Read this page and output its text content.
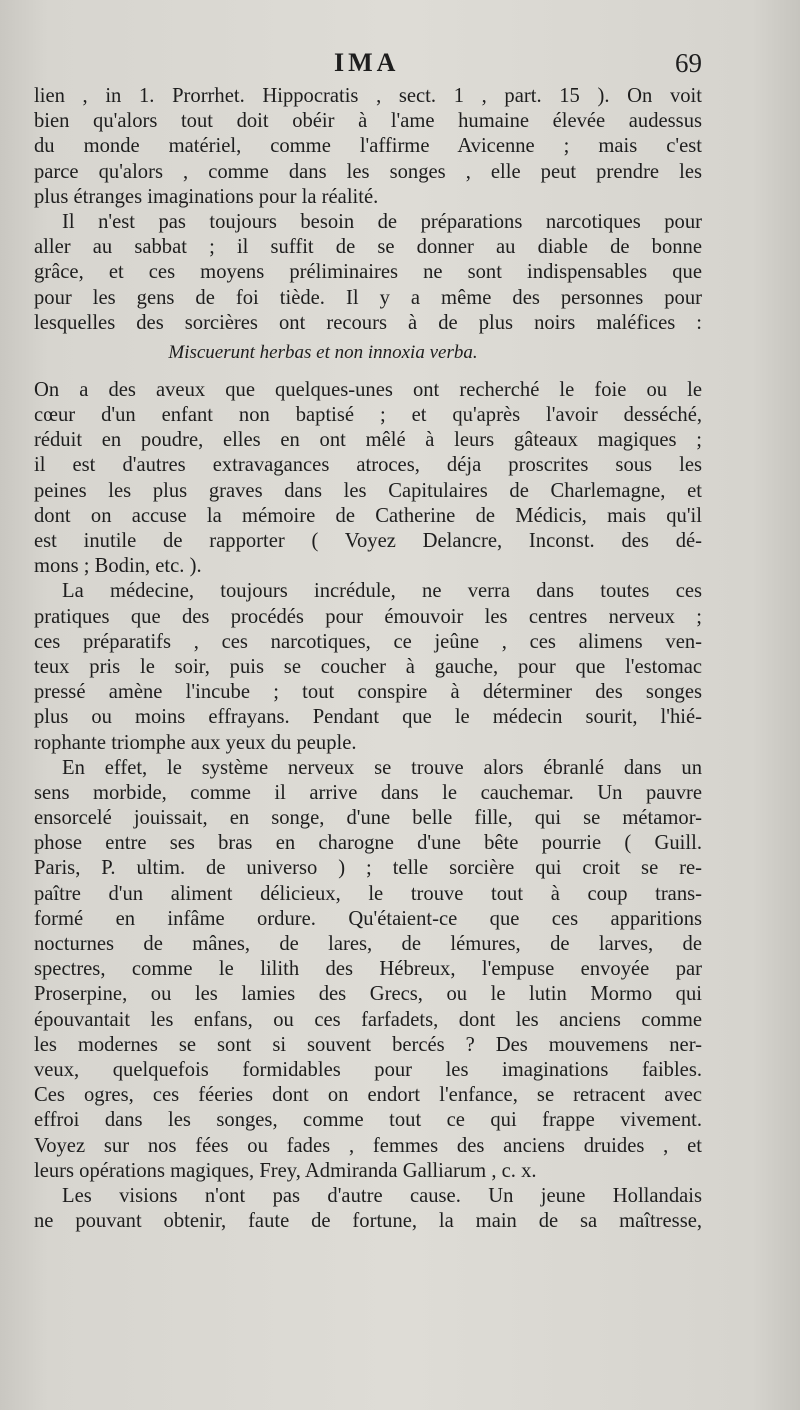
IMA	69
lien , in 1. Prorrhet. Hippocratis , sect. 1 , part. 15 ). On voit
bien qu'alors tout doit obéir à l'ame humaine élevée audessus
du monde matériel, comme l'affirme Avicenne ; mais c'est
parce qu'alors , comme dans les songes , elle peut prendre les
plus étranges imaginations pour la réalité.
Il n'est pas toujours besoin de préparations narcotiques pour
aller au sabbat ; il suffit de se donner au diable de bonne
grâce, et ces moyens préliminaires ne sont indispensables que
pour les gens de foi tiède. Il y a même des personnes pour
lesquelles des sorcières ont recours à de plus noirs maléfices :
Miscuerunt herbas et non innoxia verba.
On a des aveux que quelques-unes ont recherché le foie ou le
cœur d'un enfant non baptisé ; et qu'après l'avoir desséché,
réduit en poudre, elles en ont mêlé à leurs gâteaux magiques ;
il est d'autres extravagances atroces, déja proscrites sous les
peines les plus graves dans les Capitulaires de Charlemagne, et
dont on accuse la mémoire de Catherine de Médicis, mais qu'il
est inutile de rapporter ( Voyez Delancre, Inconst. des dé-
mons ; Bodin, etc. ).
La médecine, toujours incrédule, ne verra dans toutes ces
pratiques que des procédés pour émouvoir les centres nerveux ;
ces préparatifs , ces narcotiques, ce jeûne , ces alimens ven-
teux pris le soir, puis se coucher à gauche, pour que l'estomac
pressé amène l'incube ; tout conspire à déterminer des songes
plus ou moins effrayans. Pendant que le médecin sourit, l'hié-
rophante triomphe aux yeux du peuple.
En effet, le système nerveux se trouve alors ébranlé dans un
sens morbide, comme il arrive dans le cauchemar. Un pauvre
ensorcelé jouissait, en songe, d'une belle fille, qui se métamor-
phose entre ses bras en charogne d'une bête pourrie ( Guill.
Paris, P. ultim. de universo ) ; telle sorcière qui croit se re-
paître d'un aliment délicieux, le trouve tout à coup trans-
formé en infâme ordure. Qu'étaient-ce que ces apparitions
nocturnes de mânes, de lares, de lémures, de larves, de
spectres, comme le lilith des Hébreux, l'empuse envoyée par
Proserpine, ou les lamies des Grecs, ou le lutin Mormo qui
épouvantait les enfans, ou ces farfadets, dont les anciens comme
les modernes se sont si souvent bercés ? Des mouvemens ner-
veux, quelquefois formidables pour les imaginations faibles.
Ces ogres, ces féeries dont on endort l'enfance, se retracent avec
effroi dans les songes, comme tout ce qui frappe vivement.
Voyez sur nos fées ou fades , femmes des anciens druides , et
leurs opérations magiques, Frey, Admiranda Galliarum , c. x.
Les visions n'ont pas d'autre cause. Un jeune Hollandais
ne pouvant obtenir, faute de fortune, la main de sa maîtresse,
